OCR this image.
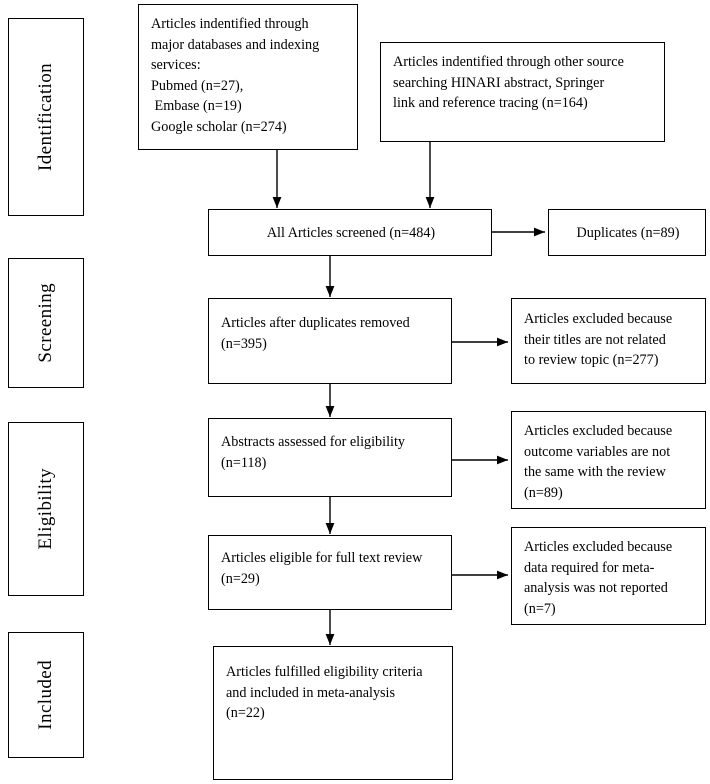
Identification
Screening
Eligibility
Included
Articles indentified through
major databases and indexing
services:
Pubmed (n=27),
Embase (n=19)
Google scholar (n=274)
Articles indentified through other source
searching HINARI abstract, Springer
link and reference tracing (n=164)
All Articles screened (n=484)	Duplicates (n=89)
Articles after duplicates removed
(n=395)
Articles excluded because
their titles are not related
to review topic (n=277)
Abstracts assessed for eligibility
(n=118)
Articles excluded because
outcome variables are not
the same with the review
(n=89)
Articles eligible for full text review
(n=29)
Articles excluded because
data required for meta-
analysis was not reported
(n=7)
Articles fulfilled eligibility criteria
and included in meta-analysis
(n=22)
